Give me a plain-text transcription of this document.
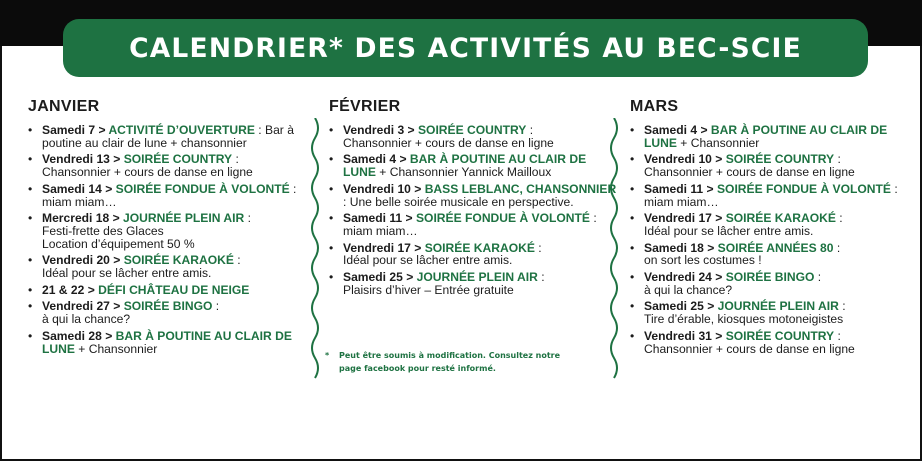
CALENDRIER* DES ACTIVITÉS AU BEC-SCIE
JANVIER
• Samedi 7 > ACTIVITÉ D’OUVERTURE : Bar à poutine au clair de lune + chansonnier
• Vendredi 13 > SOIRÉE COUNTRY : Chansonnier + cours de danse en ligne
• Samedi 14 > SOIRÉE FONDUE À VOLONTÉ : miam miam…
• Mercredi 18 > JOURNÉE PLEIN AIR :
Festi-frette des Glaces
Location d’équipement 50 %
• Vendredi 20 > SOIRÉE KARAOKÉ :
Idéal pour se lâcher entre amis.
• 21 & 22 > DÉFI CHÂTEAU DE NEIGE
• Vendredi 27 > SOIRÉE BINGO :
à qui la chance?
• Samedi 28 > BAR À POUTINE AU CLAIR DE LUNE + Chansonnier
FÉVRIER
• Vendredi 3 > SOIRÉE COUNTRY :
Chansonnier + cours de danse en ligne
• Samedi 4 > BAR À POUTINE AU CLAIR DE LUNE + Chansonnier Yannick Mailloux
• Vendredi 10 > BASS LEBLANC, CHANSONNIER : Une belle soirée musicale en perspective.
• Samedi 11 > SOIRÉE FONDUE À VOLONTÉ : miam miam…
• Vendredi 17 > SOIRÉE KARAOKÉ :
Idéal pour se lâcher entre amis.
• Samedi 25 > JOURNÉE PLEIN AIR :
Plaisirs d’hiver – Entrée gratuite
MARS
• Samedi 4 > BAR À POUTINE AU CLAIR DE LUNE + Chansonnier
• Vendredi 10 > SOIRÉE COUNTRY :
Chansonnier + cours de danse en ligne
• Samedi 11 > SOIRÉE FONDUE À VOLONTÉ : miam miam…
• Vendredi 17 > SOIRÉE KARAOKÉ :
Idéal pour se lâcher entre amis.
• Samedi 18 > SOIRÉE ANNÉES 80 :
on sort les costumes !
• Vendredi 24 > SOIRÉE BINGO :
à qui la chance?
• Samedi 25 > JOURNÉE PLEIN AIR :
Tire d’érable, kiosques motoneigistes
• Vendredi 31 > SOIRÉE COUNTRY :
Chansonnier + cours de danse en ligne
*	Peut être soumis à modification. Consultez notre page facebook pour resté informé.
